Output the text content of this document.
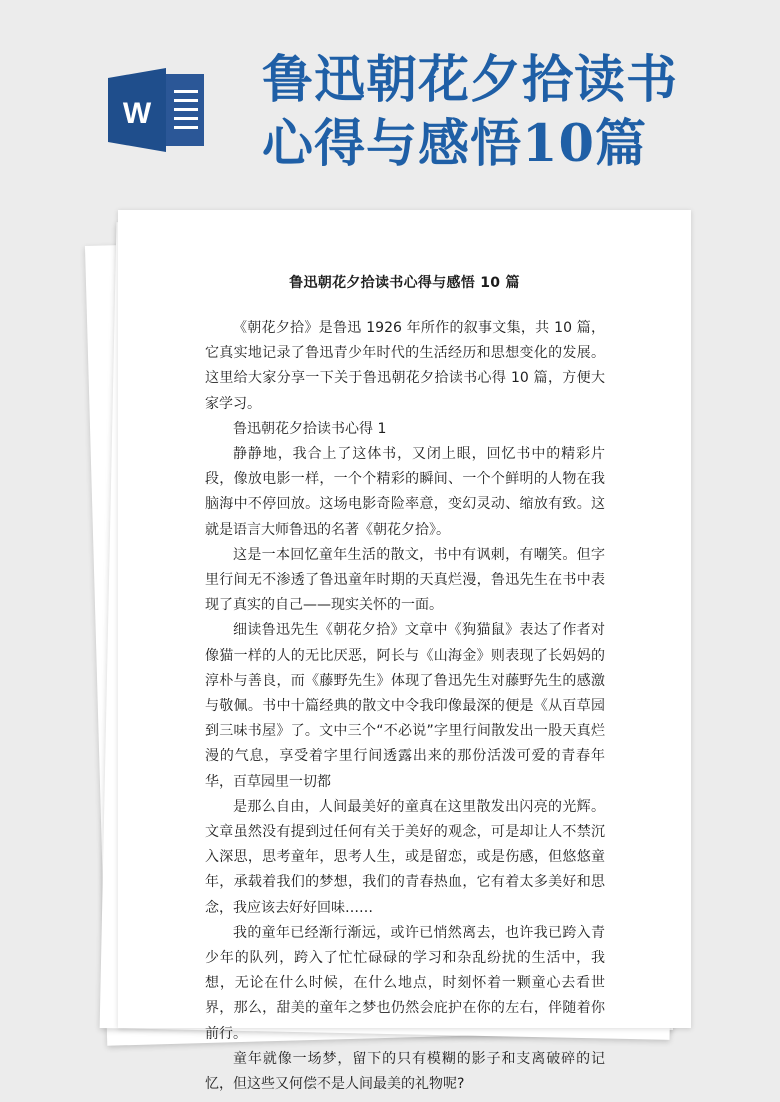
W
鲁迅朝花夕拾读书
心得与感悟10篇
鲁迅朝花夕拾读书心得与感悟 10 篇

《朝花夕拾》是鲁迅 1926 年所作的叙事文集，共 10 篇，它真实地记录了鲁迅青少年时代的生活经历和思想变化的发展。这里给大家分享一下关于鲁迅朝花夕拾读书心得 10 篇，方便大家学习。

鲁迅朝花夕拾读书心得 1

静静地，我合上了这体书，又闭上眼，回忆书中的精彩片段，像放电影一样，一个个精彩的瞬间、一个个鲜明的人物在我脑海中不停回放。这场电影奇险率意，变幻灵动、缩放有致。这就是语言大师鲁迅的名著《朝花夕拾》。

这是一本回忆童年生活的散文，书中有讽刺，有嘲笑。但字里行间无不渗透了鲁迅童年时期的天真烂漫，鲁迅先生在书中表现了真实的自己——现实关怀的一面。

细读鲁迅先生《朝花夕拾》文章中《狗猫鼠》表达了作者对像猫一样的人的无比厌恶，阿长与《山海金》则表现了长妈妈的淳朴与善良，而《藤野先生》体现了鲁迅先生对藤野先生的感激与敬佩。书中十篇经典的散文中令我印像最深的便是《从百草园到三味书屋》了。文中三个“不必说”字里行间散发出一股天真烂漫的气息，享受着字里行间透露出来的那份活泼可爱的青春年华，百草园里一切都

是那么自由，人间最美好的童真在这里散发出闪亮的光辉。文章虽然没有提到过任何有关于美好的观念，可是却让人不禁沉入深思，思考童年，思考人生，或是留恋，或是伤感，但悠悠童年，承载着我们的梦想，我们的青春热血，它有着太多美好和思念，我应该去好好回味……

我的童年已经渐行渐远，或许已悄然离去，也许我已跨入青少年的队列，跨入了忙忙碌碌的学习和杂乱纷扰的生活中，我想，无论在什么时候，在什么地点，时刻怀着一颗童心去看世界，那么，甜美的童年之梦也仍然会庇护在你的左右，伴随着你前行。

童年就像一场梦，留下的只有模糊的影子和支离破碎的记忆，但这些又何偿不是人间最美的礼物呢?
